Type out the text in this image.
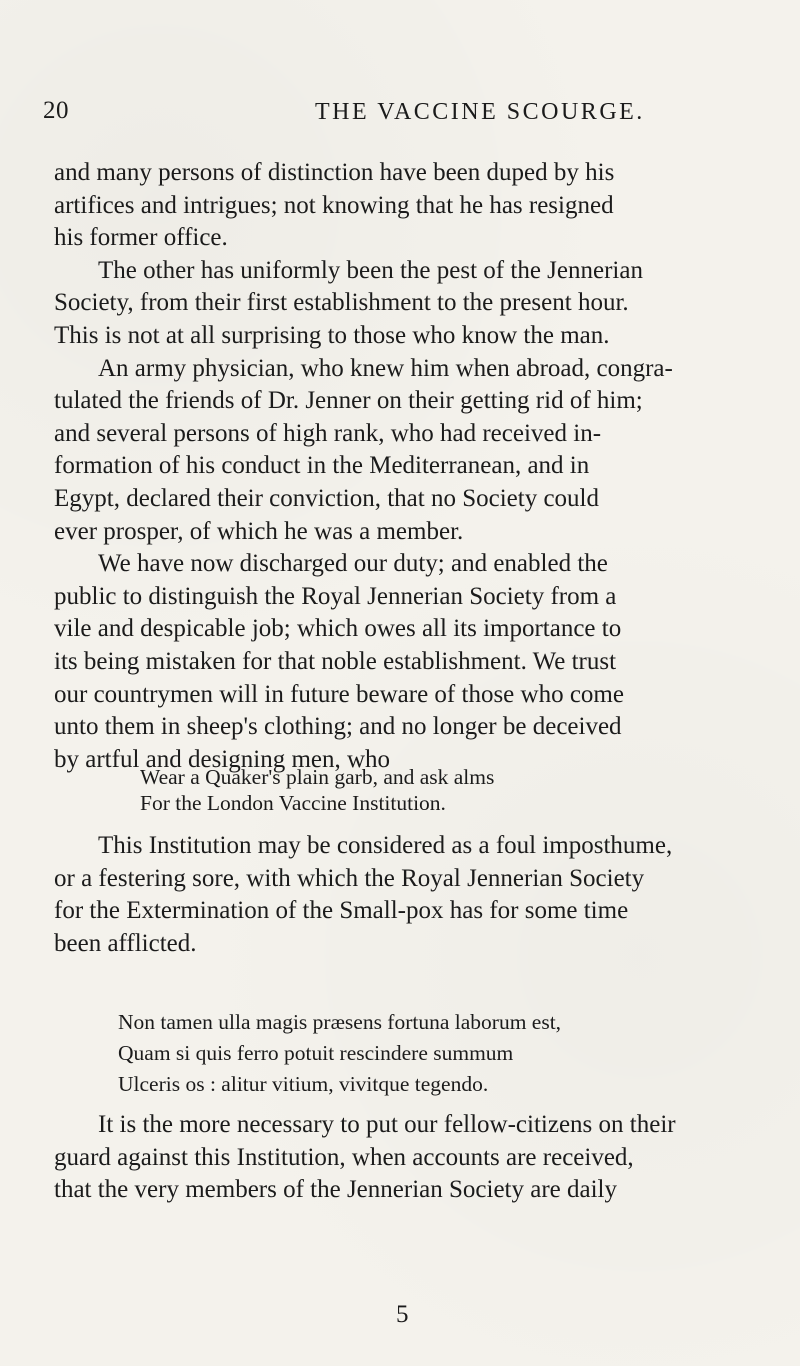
20	THE VACCINE SCOURGE.
and many persons of distinction have been duped by his
artifices and intrigues; not knowing that he has resigned
his former office.
The other has uniformly been the pest of the Jennerian
Society, from their first establishment to the present hour.
This is not at all surprising to those who know the man.
An army physician, who knew him when abroad, congra-
tulated the friends of Dr. Jenner on their getting rid of him;
and several persons of high rank, who had received in-
formation of his conduct in the Mediterranean, and in
Egypt, declared their conviction, that no Society could
ever prosper, of which he was a member.
We have now discharged our duty; and enabled the
public to distinguish the Royal Jennerian Society from a
vile and despicable job; which owes all its importance to
its being mistaken for that noble establishment. We trust
our countrymen will in future beware of those who come
unto them in sheep's clothing; and no longer be deceived
by artful and designing men, who
Wear a Quaker's plain garb, and ask alms
For the London Vaccine Institution.
This Institution may be considered as a foul imposthume,
or a festering sore, with which the Royal Jennerian Society
for the Extermination of the Small-pox has for some time
been afflicted.
Non tamen ulla magis præsens fortuna laborum est,
Quam si quis ferro potuit rescindere summum
Ulceris os : alitur vitium, vivitque tegendo.
It is the more necessary to put our fellow-citizens on their
guard against this Institution, when accounts are received,
that the very members of the Jennerian Society are daily
5
